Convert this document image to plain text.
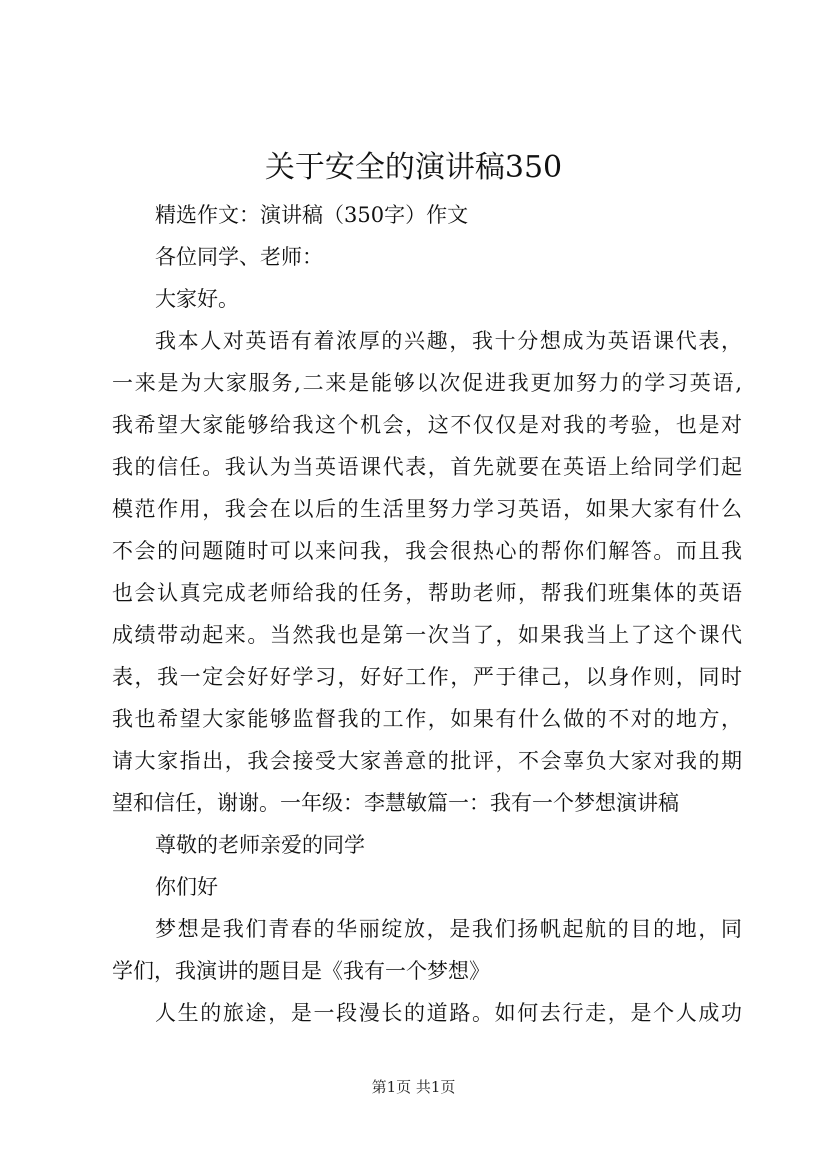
关于安全的演讲稿350
精选作文：演讲稿（350字）作文
各位同学、老师：
大家好。
我本人对英语有着浓厚的兴趣，我十分想成为英语课代表，
一来是为大家服务,二来是能够以次促进我更加努力的学习英语,
我希望大家能够给我这个机会，这不仅仅是对我的考验，也是对
我的信任。我认为当英语课代表，首先就要在英语上给同学们起
模范作用，我会在以后的生活里努力学习英语，如果大家有什么
不会的问题随时可以来问我，我会很热心的帮你们解答。而且我
也会认真完成老师给我的任务，帮助老师，帮我们班集体的英语
成绩带动起来。当然我也是第一次当了，如果我当上了这个课代
表，我一定会好好学习，好好工作，严于律己，以身作则，同时
我也希望大家能够监督我的工作，如果有什么做的不对的地方，
请大家指出，我会接受大家善意的批评，不会辜负大家对我的期
望和信任，谢谢。一年级：李慧敏篇一：我有一个梦想演讲稿
尊敬的老师亲爱的同学
你们好
梦想是我们青春的华丽绽放，是我们扬帆起航的目的地，同
学们，我演讲的题目是《我有一个梦想》
人生的旅途，是一段漫长的道路。如何去行走，是个人成功
第1页 共1页
